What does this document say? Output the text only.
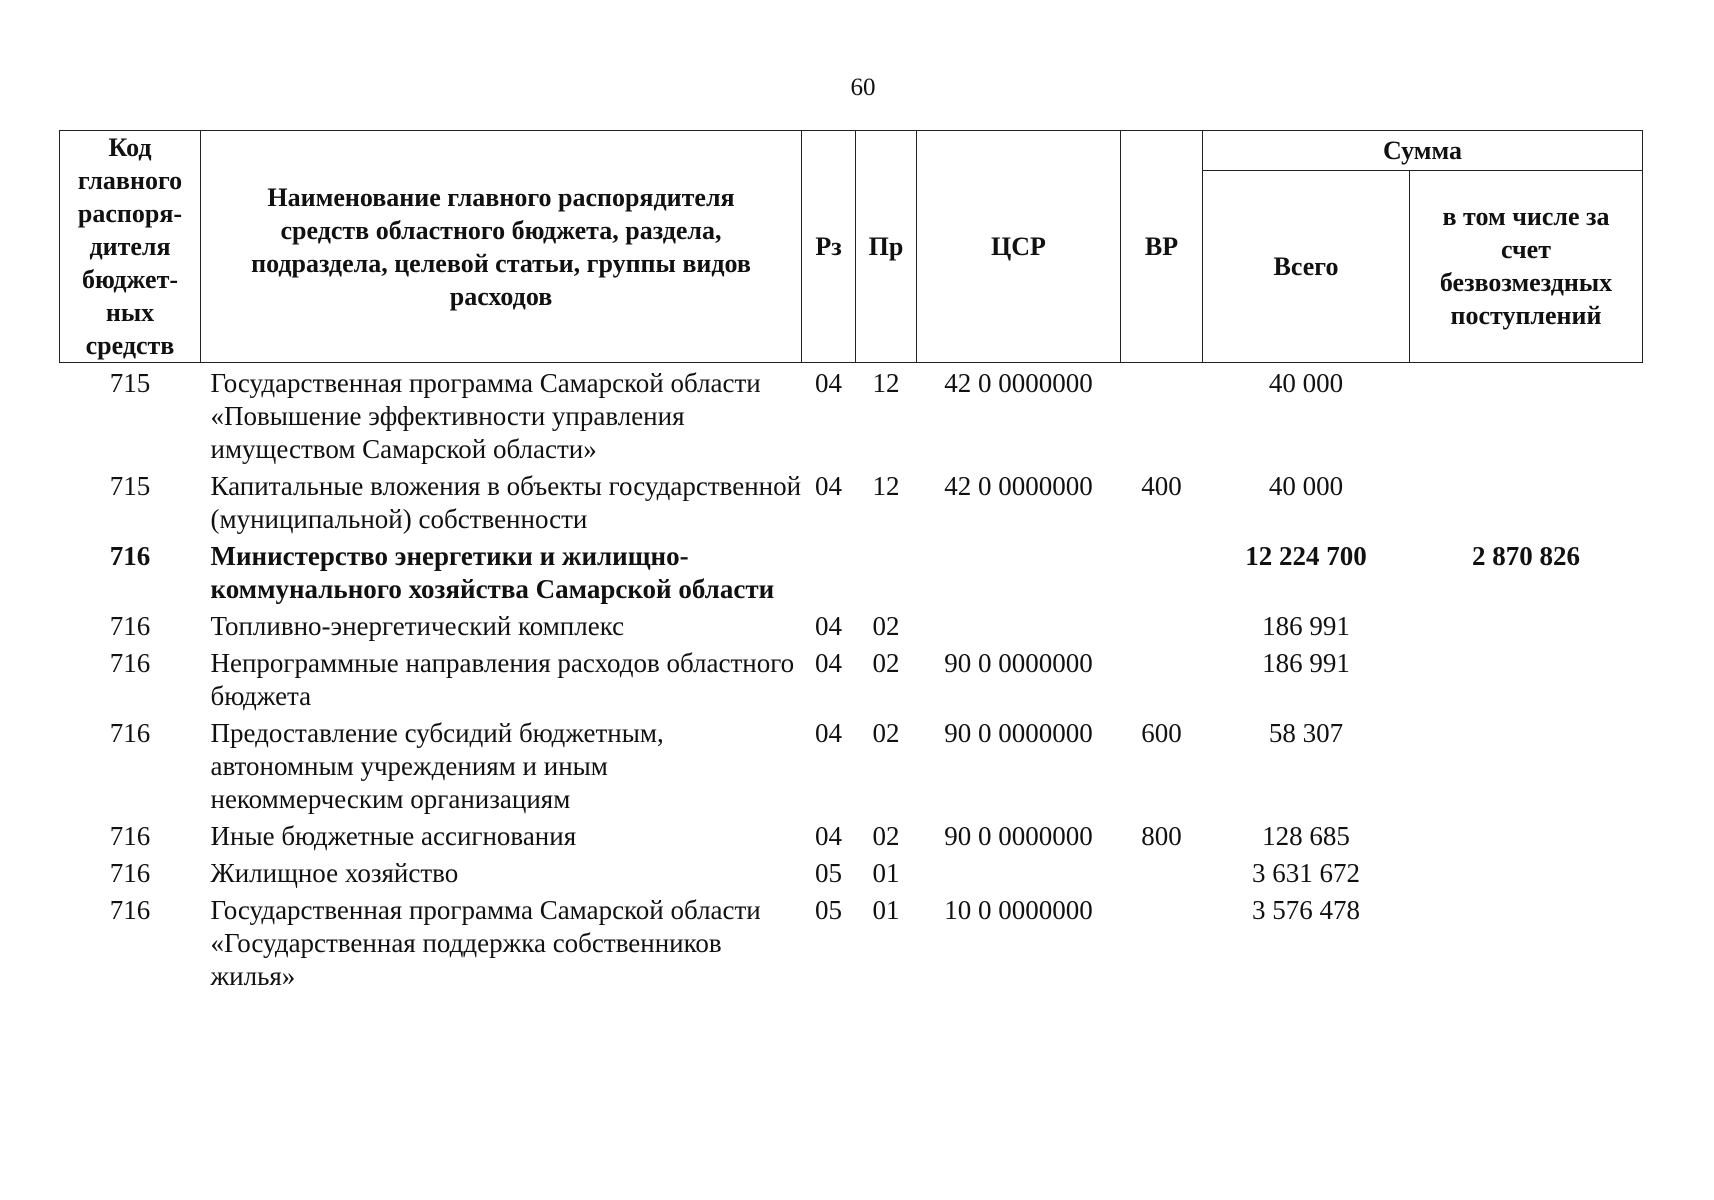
60
Код главного распоря-дителя бюджет-ных средств	Наименование главного распорядителя средств областного бюджета, раздела, подраздела, целевой статьи, группы видов расходов	Рз	Пр	ЦСР	ВР	Сумма	
						Всего	в том числе за счет безвозмездных поступлений
715	Государственная программа Самарской области «Повышение эффективности управления имуществом Самарской области»	04	12	42 0 0000000		40 000	
715	Капитальные вложения в объекты государственной (муниципальной) собственности	04	12	42 0 0000000	400	40 000	
716	Министерство энергетики и жилищно-коммунального хозяйства Самарской области					12 224 700	2 870 826
716	Топливно-энергетический комплекс	04	02			186 991	
716	Непрограммные направления расходов областного бюджета	04	02	90 0 0000000		186 991	
716	Предоставление субсидий бюджетным, автономным учреждениям и иным некоммерческим организациям	04	02	90 0 0000000	600	58 307	
716	Иные бюджетные ассигнования	04	02	90 0 0000000	800	128 685	
716	Жилищное хозяйство	05	01			3 631 672	
716	Государственная программа Самарской области «Государственная поддержка собственников жилья»	05	01	10 0 0000000		3 576 478	
